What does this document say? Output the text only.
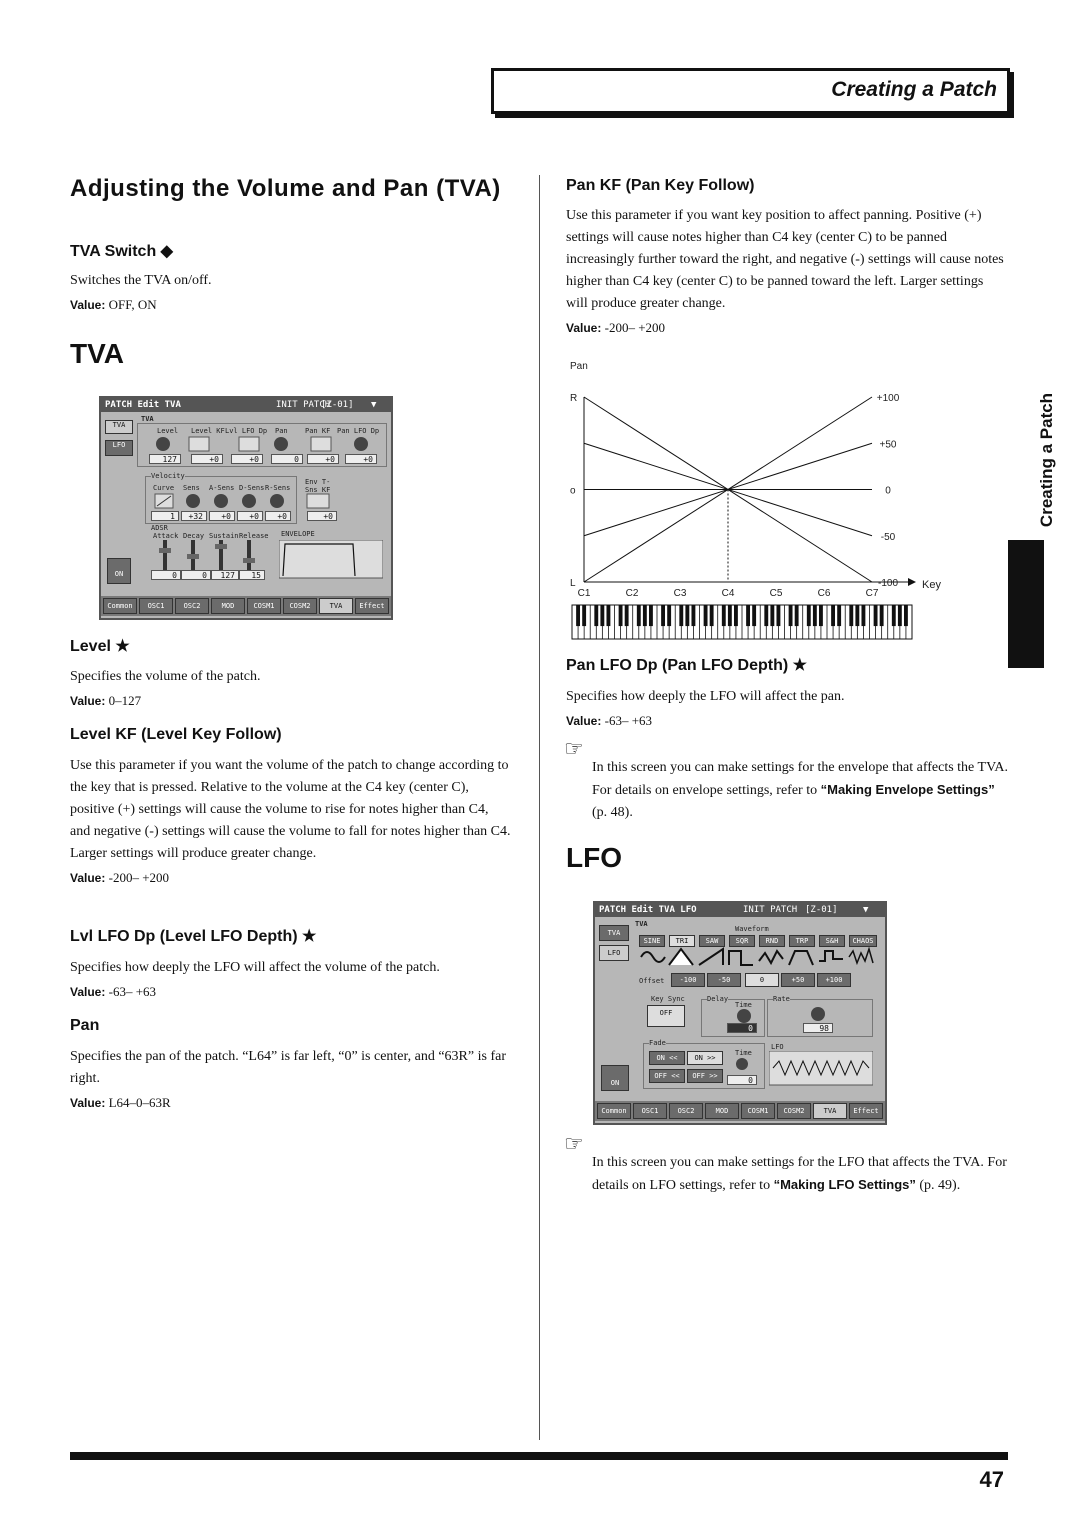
Creating a Patch
Creating a Patch
Adjusting the Volume and Pan (TVA)
TVA Switch ◆

Switches the TVA on/off.

Value: OFF, ON

TVA
PATCH Edit TVA	INIT PATCH
[Z-01] ▼
TVA
LFO
TVA
Level Level KF Lvl LFO Dp Pan Pan KF Pan LFO Dp
127	+0	+0	0	+0	+0
Velocity
Curve Sens A-Sens D-Sens R-Sens
1	+32	+0	+0	+0
Env T-Sns KF
+0
ADSR
Attack Decay Sustain Release
0	0	127	15
ENVELOPE
ON
Common	OSC1	OSC2	MOD	COSM1	COSM2	TVA	Effect
Level ★

Specifies the volume of the patch.

Value: 0–127

Level KF (Level Key Follow)

Use this parameter if you want the volume of the patch to change according to the key that is pressed. Relative to the volume at the C4 key (center C), positive (+) settings will cause the volume to rise for notes higher than C4, and negative (-) settings will cause the volume to fall for notes higher than C4. Larger settings will produce greater change.

Value: -200– +200

Lvl LFO Dp (Level LFO Depth) ★

Specifies how deeply the LFO will affect the volume of the patch.

Value: -63– +63

Pan

Specifies the pan of the patch. “L64” is far left, “0” is center, and “63R” is far right.

Value: L64–0–63R

Pan KF (Pan Key Follow)

Use this parameter if you want key position to affect panning. Positive (+) settings will cause notes higher than C4 key (center C) to be panned increasingly further toward the right, and negative (-) settings will cause notes higher than C4 key (center C) to be panned toward the left. Larger settings will produce greater change.

Value: -200– +200

Pan
R
o
L
+100
+50
0
-50
-100
C1	C2	C3	C4	C5	C6	C7
Key
Pan LFO Dp (Pan LFO Depth) ★

Specifies how deeply the LFO will affect the pan.

Value: -63– +63

☞

In this screen you can make settings for the envelope that affects the TVA. For details on envelope settings, refer to “Making Envelope Settings” (p. 48).

LFO
PATCH Edit TVA LFO	INIT PATCH [Z-01]	▼
TVA
LFO
TVA
Waveform
SINE	TRI	SAW	SQR	RND	TRP	S&H	CHAOS
Offset	-100	-50	0	+50	+100
Key Sync
OFF
Delay
Time
0
Rate
98
Fade
ON <<	ON >>
OFF <<	OFF >>
Time
0
LFO
ON
Common	OSC1	OSC2	MOD	COSM1	COSM2	TVA	Effect
☞

In this screen you can make settings for the LFO that affects the TVA. For details on LFO settings, refer to “Making LFO Settings” (p. 49).

47
